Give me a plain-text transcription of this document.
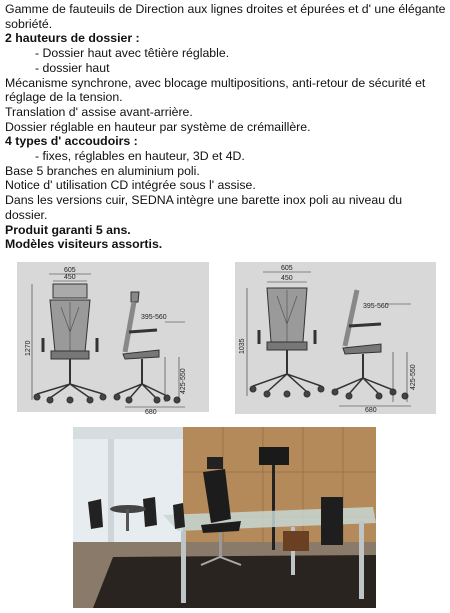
Gamme de fauteuils de Direction aux lignes droites et épurées et d' une élégante sobriété.

2 hauteurs de dossier :

- Dossier haut avec têtière réglable.

- dossier haut

Mécanisme synchrone, avec blocage multipositions, anti-retour de sécurité et réglage de la tension.

Translation d' assise avant-arrière.

Dossier réglable en hauteur par système de crémaillère.

4 types d' accoudoirs :

- fixes, réglables en hauteur, 3D et 4D.

Base 5 branches en aluminium poli.

Notice d' utilisation CD intégrée sous l' assise.

Dans les versions cuir, SEDNA intègre une barette inox poli au niveau du dossier.

Produit garanti 5 ans.

Modèles visiteurs assortis.

605
450
1270
395-560
425-550
680
605
450
1035
395-560
425-550
680
